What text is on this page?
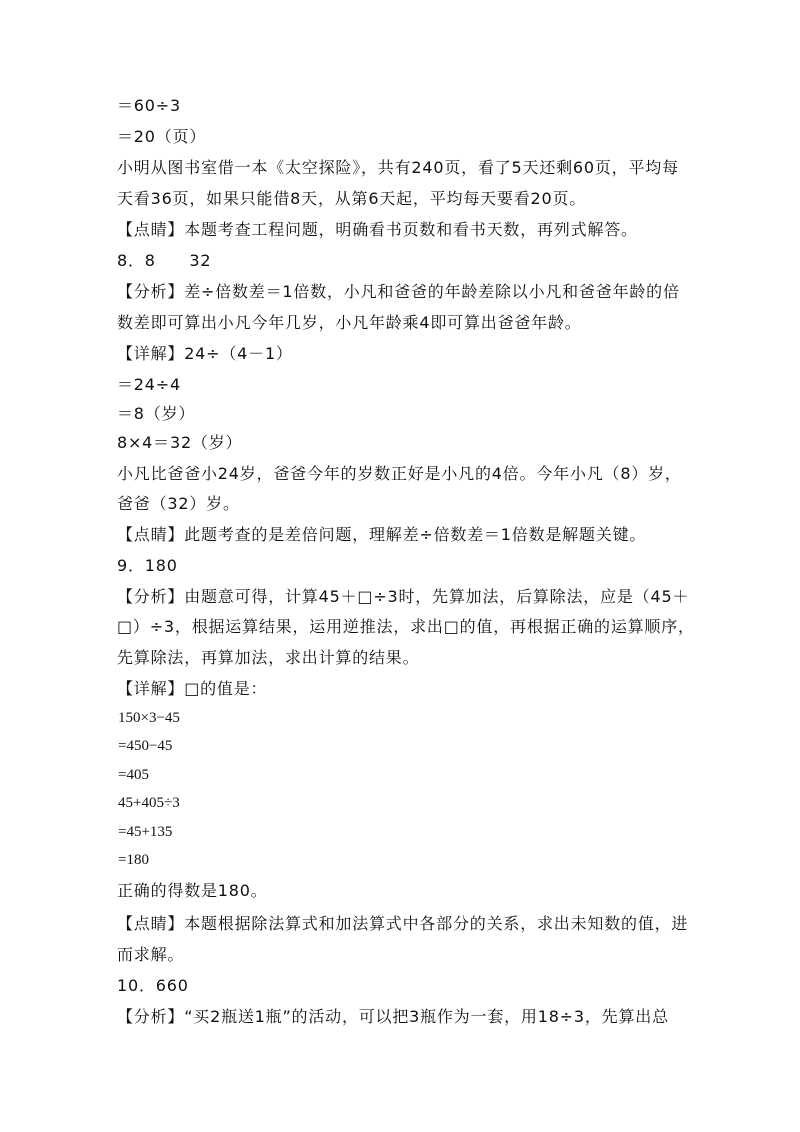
＝60÷3
＝20（页）
小明从图书室借一本《太空探险》，共有240页，看了5天还剩60页，平均每
天看36页，如果只能借8天，从第6天起，平均每天要看20页。
【点睛】本题考查工程问题，明确看书页数和看书天数，再列式解答。
8．8　　32
【分析】差÷倍数差＝1倍数，小凡和爸爸的年龄差除以小凡和爸爸年龄的倍
数差即可算出小凡今年几岁，小凡年龄乘4即可算出爸爸年龄。
【详解】24÷（4－1）
＝24÷4
＝8（岁）
8×4＝32（岁）
小凡比爸爸小24岁，爸爸今年的岁数正好是小凡的4倍。今年小凡（8）岁，
爸爸（32）岁。
【点睛】此题考查的是差倍问题，理解差÷倍数差＝1倍数是解题关键。
9．180
【分析】由题意可得，计算45＋□÷3时，先算加法，后算除法，应是（45＋
□）÷3，根据运算结果，运用逆推法，求出□的值，再根据正确的运算顺序，
先算除法，再算加法，求出计算的结果。
【详解】□的值是：
150×3−45
=450−45
=405
45+405÷3
=45+135
=180
正确的得数是180。
【点睛】本题根据除法算式和加法算式中各部分的关系，求出未知数的值，进
而求解。
10．660
【分析】“买2瓶送1瓶”的活动，可以把3瓶作为一套，用18÷3，先算出总
